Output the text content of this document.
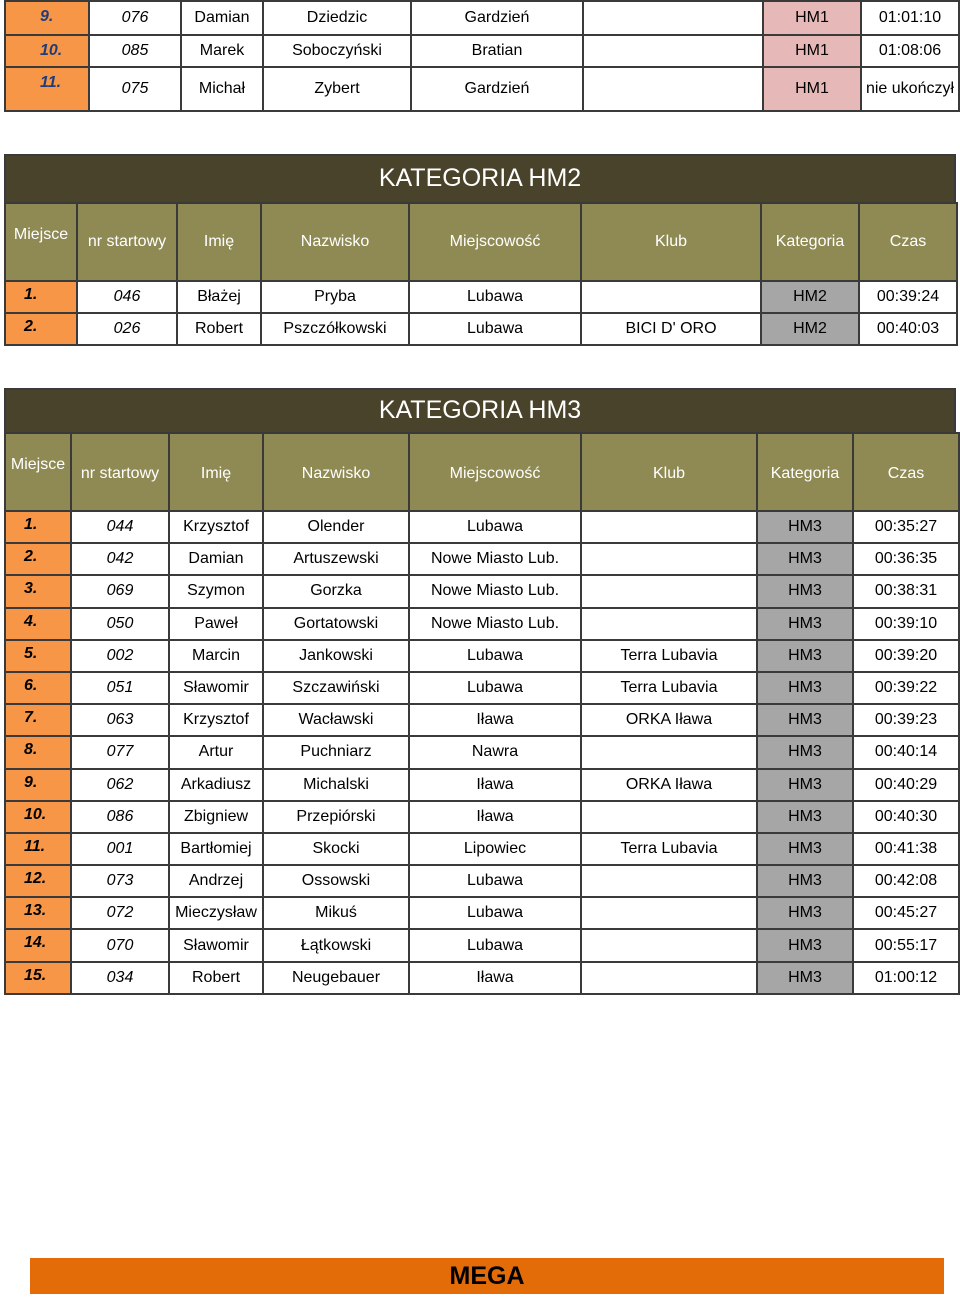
9.	076	Damian	Dziedzic	Gardzień		HM1	01:01:10
10.	085	Marek	Soboczyński	Bratian		HM1	01:08:06
11.	075	Michał	Zybert	Gardzień		HM1	nie ukończył
KATEGORIA HM2
Miejsce	nr startowy	Imię	Nazwisko	Miejscowość	Klub	Kategoria	Czas
1.	046	Błażej	Pryba	Lubawa		HM2	00:39:24
2.	026	Robert	Pszczółkowski	Lubawa	BICI D' ORO	HM2	00:40:03
KATEGORIA HM3
Miejsce	nr startowy	Imię	Nazwisko	Miejscowość	Klub	Kategoria	Czas
1.	044	Krzysztof	Olender	Lubawa		HM3	00:35:27
2.	042	Damian	Artuszewski	Nowe Miasto Lub.		HM3	00:36:35
3.	069	Szymon	Gorzka	Nowe Miasto Lub.		HM3	00:38:31
4.	050	Paweł	Gortatowski	Nowe Miasto Lub.		HM3	00:39:10
5.	002	Marcin	Jankowski	Lubawa	Terra Lubavia	HM3	00:39:20
6.	051	Sławomir	Szczawiński	Lubawa	Terra Lubavia	HM3	00:39:22
7.	063	Krzysztof	Wacławski	Iława	ORKA Iława	HM3	00:39:23
8.	077	Artur	Puchniarz	Nawra		HM3	00:40:14
9.	062	Arkadiusz	Michalski	Iława	ORKA Iława	HM3	00:40:29
10.	086	Zbigniew	Przepiórski	Iława		HM3	00:40:30
11.	001	Bartłomiej	Skocki	Lipowiec	Terra Lubavia	HM3	00:41:38
12.	073	Andrzej	Ossowski	Lubawa		HM3	00:42:08
13.	072	Mieczysław	Mikuś	Lubawa		HM3	00:45:27
14.	070	Sławomir	Łątkowski	Lubawa		HM3	00:55:17
15.	034	Robert	Neugebauer	Iława		HM3	01:00:12
MEGA
